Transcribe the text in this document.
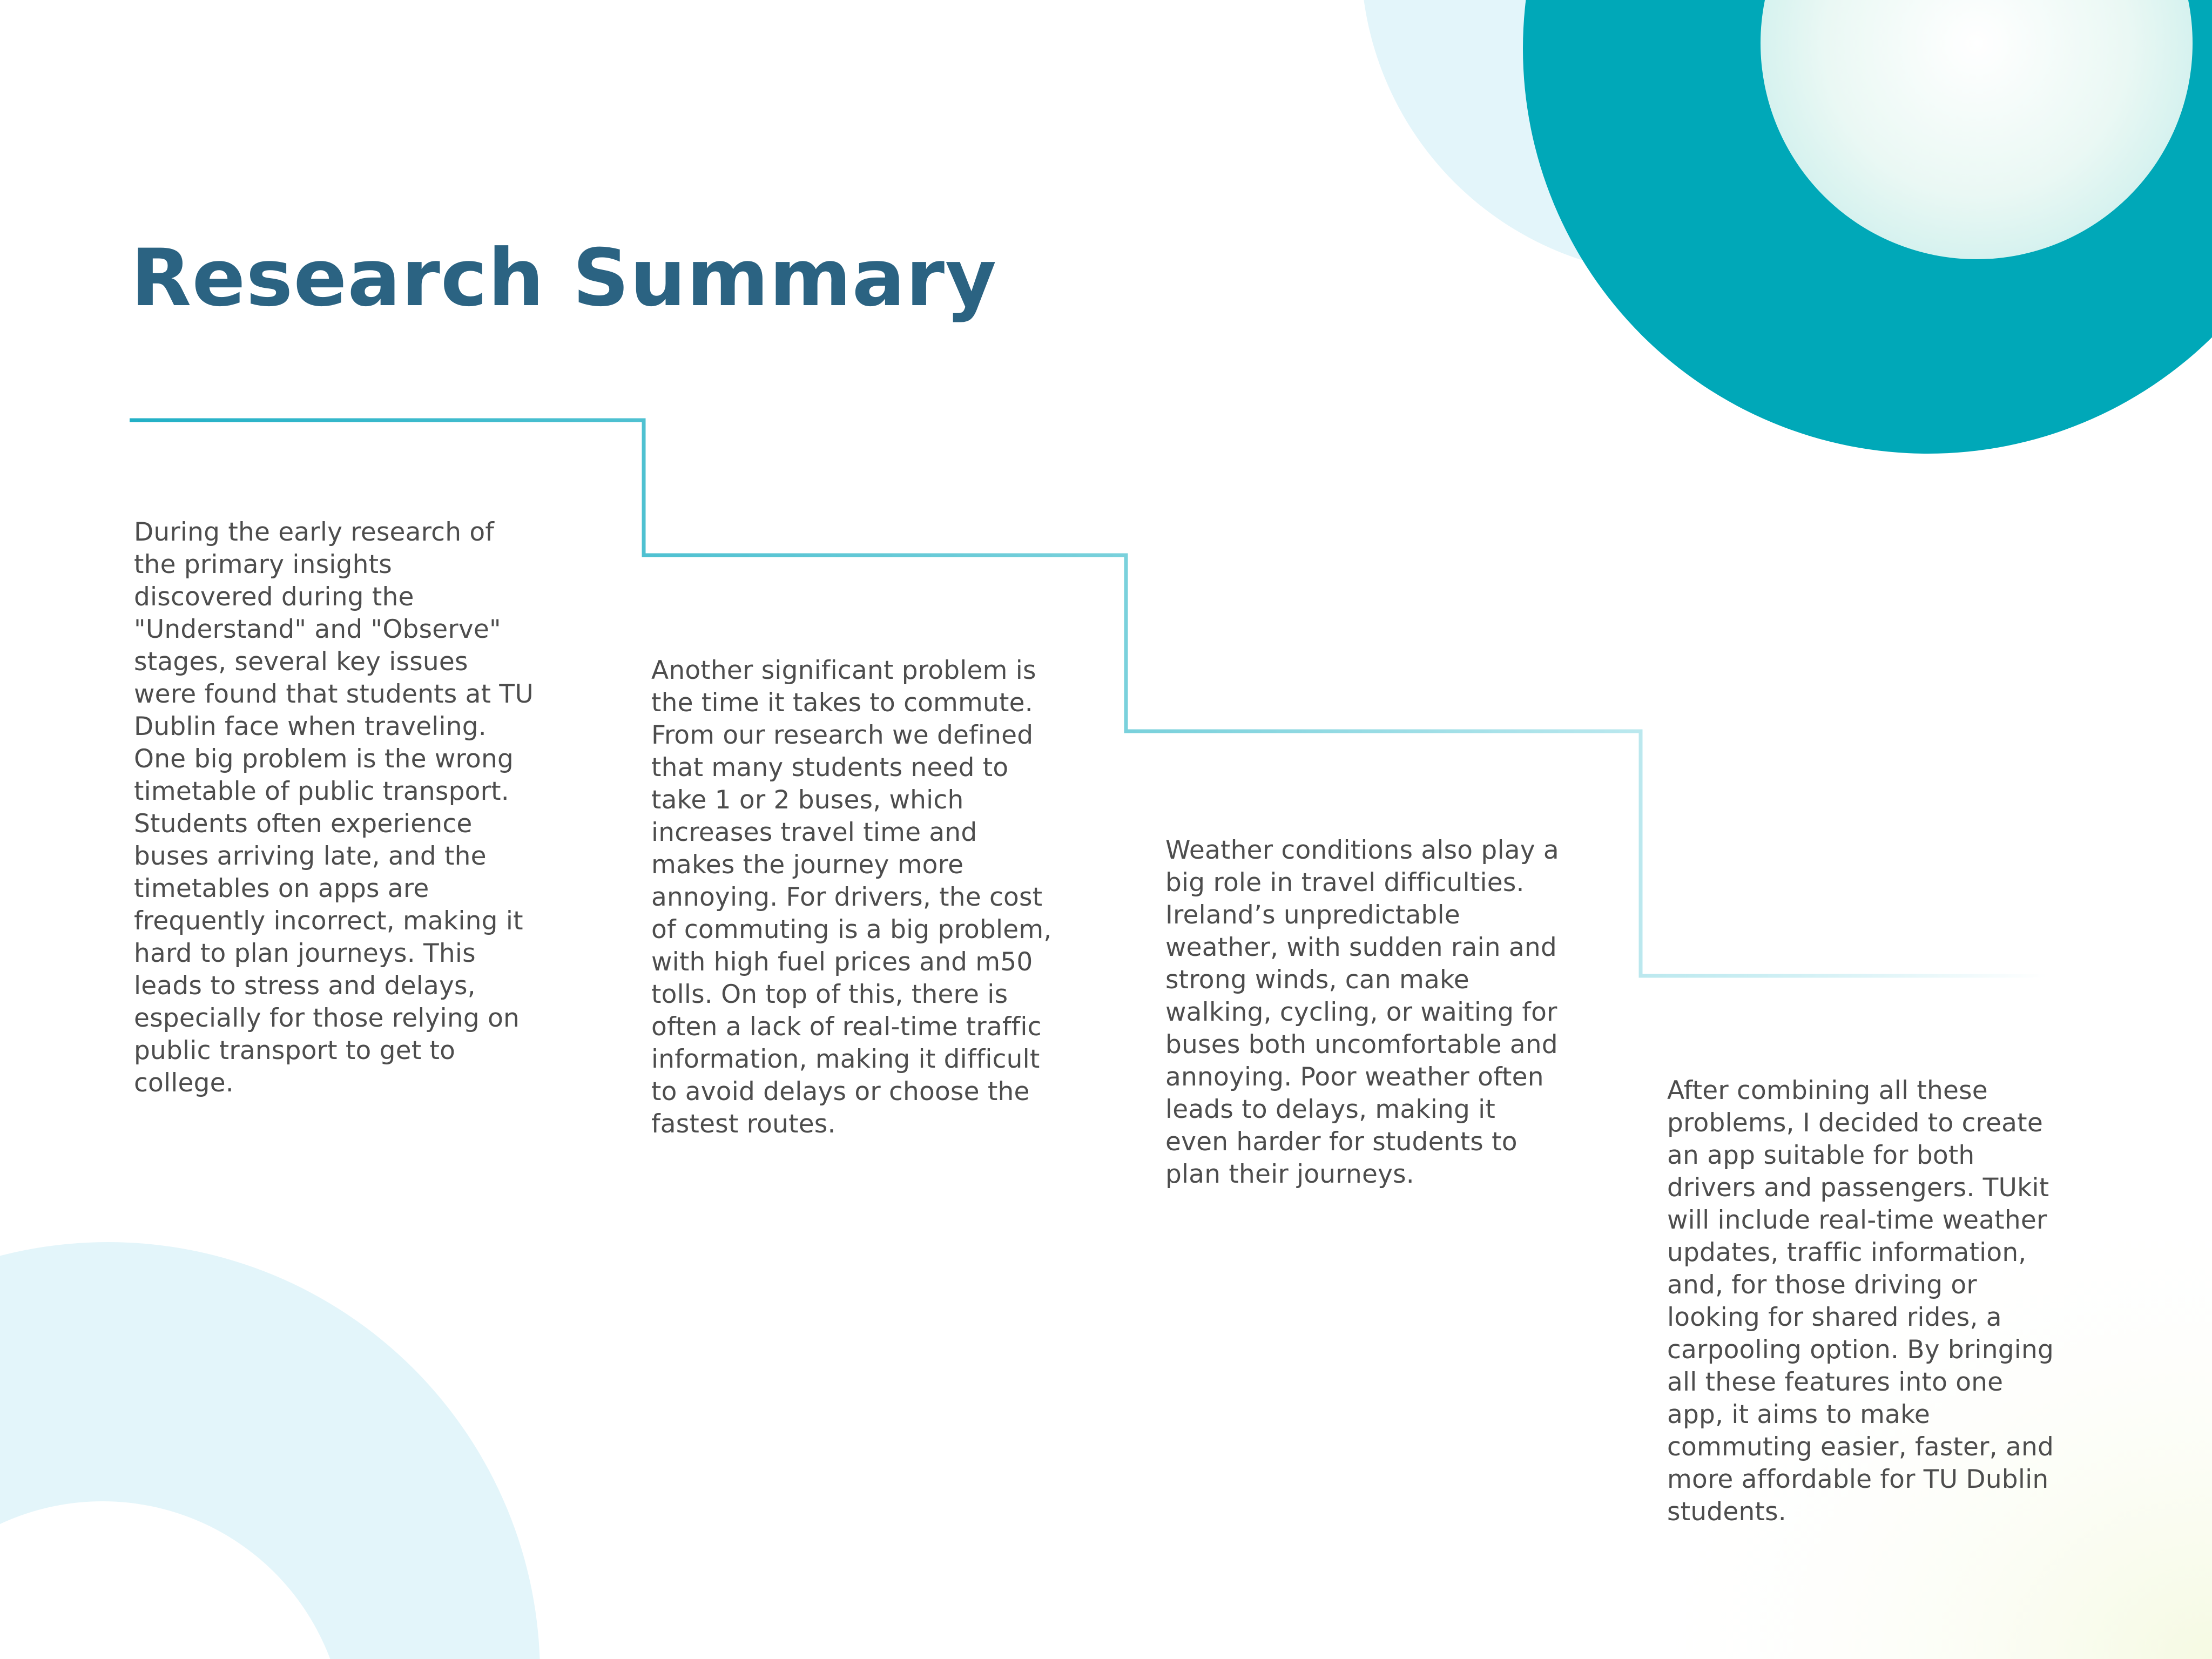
Research Summary

During the early research of the primary insights discovered during the "Understand" and "Observe" stages, several key issues were found that students at TU Dublin face when traveling. One big problem is the wrong timetable of public transport. Students often experience buses arriving late, and the timetables on apps are frequently incorrect, making it hard to plan journeys. This leads to stress and delays, especially for those relying on public transport to get to college.

Another significant problem is the time it takes to commute. From our research we defined that many students need to take 1 or 2 buses, which increases travel time and makes the journey more annoying. For drivers, the cost of commuting is a big problem, with high fuel prices and m50 tolls. On top of this, there is often a lack of real-time traffic information, making it difficult to avoid delays or choose the fastest routes.

Weather conditions also play a big role in travel difficulties. Ireland’s unpredictable weather, with sudden rain and strong winds, can make walking, cycling, or waiting for buses both uncomfortable and annoying. Poor weather often leads to delays, making it even harder for students to plan their journeys.

After combining all these problems, I decided to create an app suitable for both drivers and passengers. TUkit will include real-time weather updates, traffic information, and, for those driving or looking for shared rides, a carpooling option. By bringing all these features into one app, it aims to make commuting easier, faster, and more affordable for TU Dublin students.
